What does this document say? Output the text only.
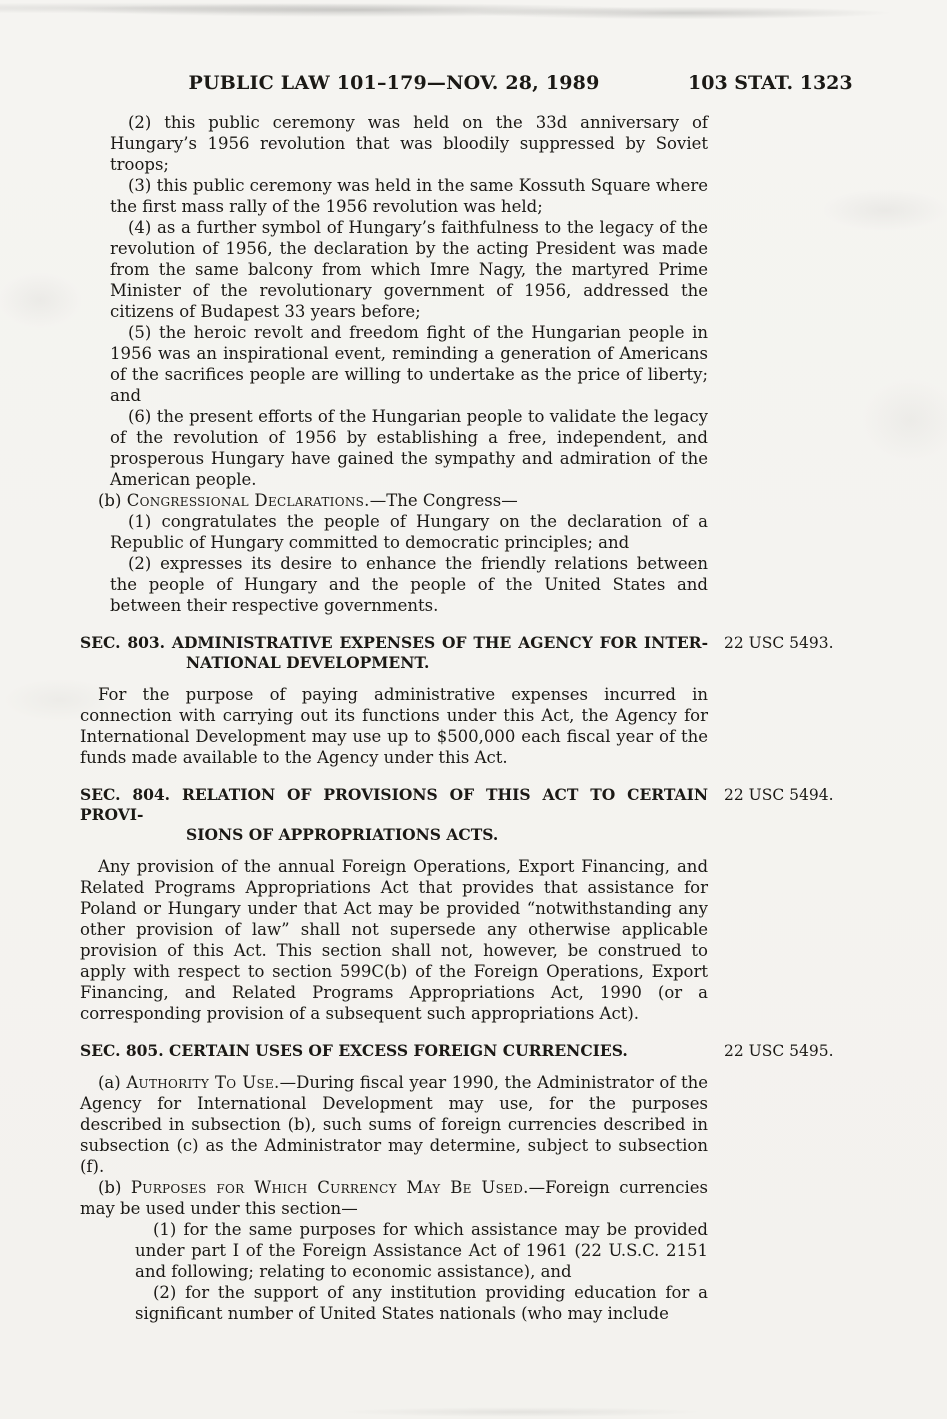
PUBLIC LAW 101–179—NOV. 28, 1989	103 STAT. 1323

(2) this public ceremony was held on the 33d anniversary of Hungary’s 1956 revolution that was bloodily suppressed by Soviet troops;

(3) this public ceremony was held in the same Kossuth Square where the first mass rally of the 1956 revolution was held;

(4) as a further symbol of Hungary’s faithfulness to the legacy of the revolution of 1956, the declaration by the acting President was made from the same balcony from which Imre Nagy, the martyred Prime Minister of the revolutionary government of 1956, addressed the citizens of Budapest 33 years before;

(5) the heroic revolt and freedom fight of the Hungarian people in 1956 was an inspirational event, reminding a generation of Americans of the sacrifices people are willing to undertake as the price of liberty; and

(6) the present efforts of the Hungarian people to validate the legacy of the revolution of 1956 by establishing a free, independent, and prosperous Hungary have gained the sympathy and admiration of the American people.

(b) Congressional Declarations.—The Congress—

(1) congratulates the people of Hungary on the declaration of a Republic of Hungary committed to democratic principles; and

(2) expresses its desire to enhance the friendly relations between the people of Hungary and the people of the United States and between their respective governments.

SEC. 803. ADMINISTRATIVE EXPENSES OF THE AGENCY FOR INTER-
NATIONAL DEVELOPMENT.
22 USC 5493.

For the purpose of paying administrative expenses incurred in connection with carrying out its functions under this Act, the Agency for International Development may use up to $500,000 each fiscal year of the funds made available to the Agency under this Act.

SEC. 804. RELATION OF PROVISIONS OF THIS ACT TO CERTAIN PROVI-
SIONS OF APPROPRIATIONS ACTS.
22 USC 5494.

Any provision of the annual Foreign Operations, Export Financing, and Related Programs Appropriations Act that provides that assistance for Poland or Hungary under that Act may be provided “notwithstanding any other provision of law” shall not supersede any otherwise applicable provision of this Act. This section shall not, however, be construed to apply with respect to section 599C(b) of the Foreign Operations, Export Financing, and Related Programs Appropriations Act, 1990 (or a corresponding provision of a subsequent such appropriations Act).

SEC. 805. CERTAIN USES OF EXCESS FOREIGN CURRENCIES.	22 USC 5495.

(a) Authority To Use.—During fiscal year 1990, the Administrator of the Agency for International Development may use, for the purposes described in subsection (b), such sums of foreign currencies described in subsection (c) as the Administrator may determine, subject to subsection (f).

(b) Purposes for Which Currency May Be Used.—Foreign currencies may be used under this section—

(1) for the same purposes for which assistance may be provided under part I of the Foreign Assistance Act of 1961 (22 U.S.C. 2151 and following; relating to economic assistance), and

(2) for the support of any institution providing education for a significant number of United States nationals (who may include
